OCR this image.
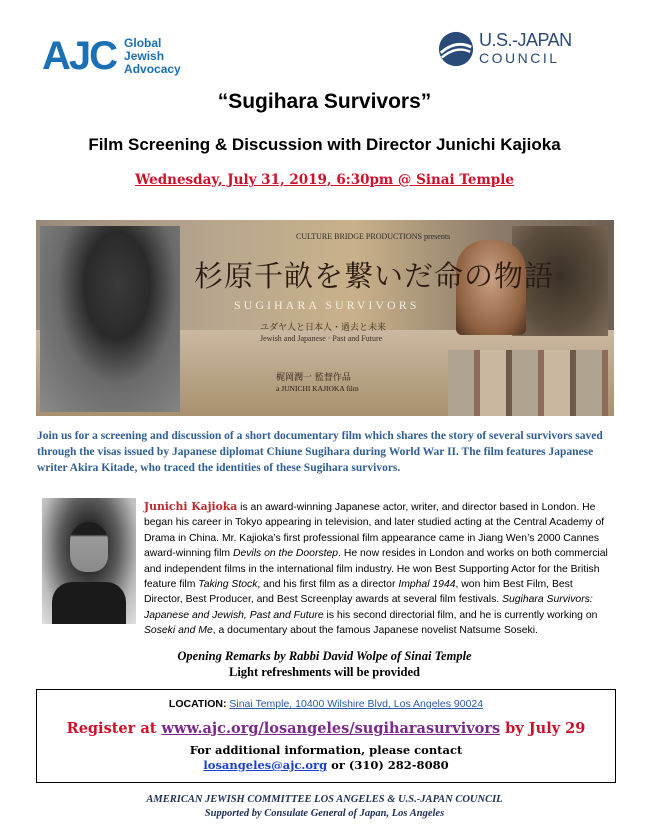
AJC Global Jewish Advocacy
U.S.-JAPAN
COUNCIL
“Sugihara Survivors”
Film Screening & Discussion with Director Junichi Kajioka
Wednesday, July 31, 2019, 6:30pm @ Sinai Temple
CULTURE BRIDGE PRODUCTIONS presents
杉原千畝を繋いだ命の物語
SUGIHARA SURVIVORS
ユダヤ人と日本人・過去と未来
Jewish and Japanese · Past and Future
梶岡潤一 監督作品
a JUNICHI KAJIOKA film
Join us for a screening and discussion of a short documentary film which shares the story of several survivors saved through the visas issued by Japanese diplomat Chiune Sugihara during World War II. The film features Japanese writer Akira Kitade, who traced the identities of these Sugihara survivors.
Junichi Kajioka is an award-winning Japanese actor, writer, and director based in London. He began his career in Tokyo appearing in television, and later studied acting at the Central Academy of Drama in China. Mr. Kajioka’s first professional film appearance came in Jiang Wen’s 2000 Cannes award-winning film Devils on the Doorstep. He now resides in London and works on both commercial and independent films in the international film industry. He won Best Supporting Actor for the British feature film Taking Stock, and his first film as a director Imphal 1944, won him Best Film, Best Director, Best Producer, and Best Screenplay awards at several film festivals. Sugihara Survivors: Japanese and Jewish, Past and Future is his second directorial film, and he is currently working on Soseki and Me, a documentary about the famous Japanese novelist Natsume Soseki.
Opening Remarks by Rabbi David Wolpe of Sinai Temple
Light refreshments will be provided
LOCATION: Sinai Temple, 10400 Wilshire Blvd, Los Angeles 90024
Register at www.ajc.org/losangeles/sugiharasurvivors by July 29
For additional information, please contact
losangeles@ajc.org or (310) 282-8080
AMERICAN JEWISH COMMITTEE LOS ANGELES & U.S.-JAPAN COUNCIL
Supported by Consulate General of Japan, Los Angeles
